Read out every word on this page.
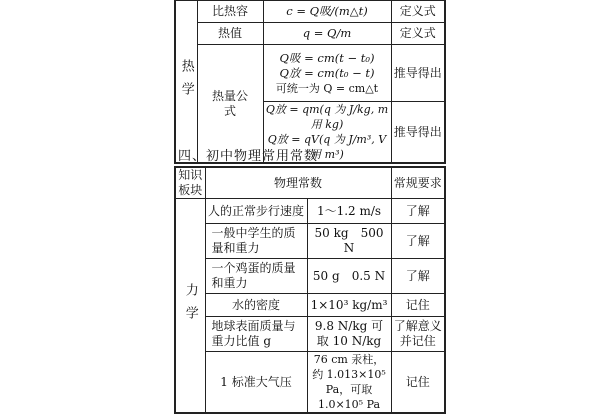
热学	比热容	c = Q吸/(m△t)	定义式
	热值	q = Q/m	定义式
	热量公式	Q吸 = cm(t − t₀)
Q放 = cm(t₀ − t)
可统一为 Q = cm△t	推导得出

		Q放 = qm(q 为 J/kg, m 用 kg)
Q放 = qV(q 为 J/m³, V 用 m³)	推导得出
四、初中物理常用常数
知识板块	物理常数		常规要求
力学	人的正常步行速度	1～1.2 m/s	了解
	一般中学生的质量和重力	50 kg　500 N	了解
	一个鸡蛋的质量和重力	50 g　0.5 N	了解
	水的密度	1×10³ kg/m³	记住
	地球表面质量与重力比值 g	9.8 N/kg 可取 10 N/kg	了解意义并记住
	1 标准大气压	76 cm 汞柱，约 1.013×10⁵ Pa，可取 1.0×10⁵ Pa	记住
